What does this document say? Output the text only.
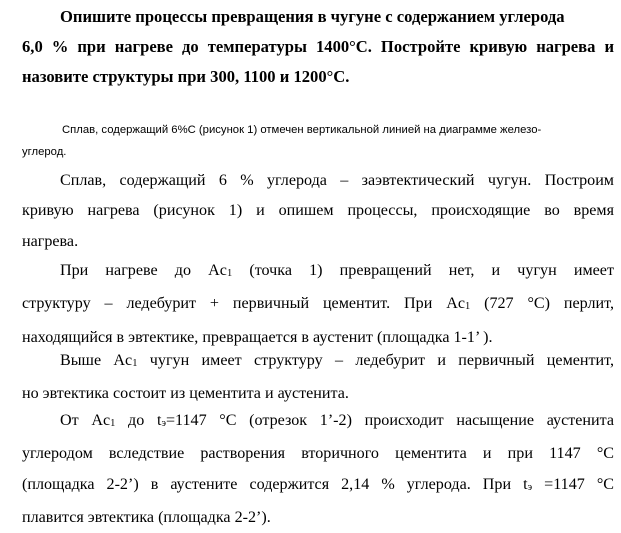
Опишите процессы превращения в чугуне с содержанием углерода
6,0 % при нагреве до температуры 1400°С. Постройте кривую нагрева и
назовите структуры при 300, 1100 и 1200°С.
Сплав, содержащий 6%С (рисунок 1) отмечен вертикальной линией на диаграмме железо-
углерод.
Сплав, содержащий 6 % углерода – заэвтектический чугун. Построим
кривую нагрева (рисунок 1) и опишем процессы, происходящие во время
нагрева.
При нагреве до Ac1 (точка 1) превращений нет, и чугун имеет
структуру – ледебурит + первичный цементит. При Ac1 (727 °С) перлит,
находящийся в эвтектике, превращается в аустенит (площадка 1-1’ ).
Выше Ac1 чугун имеет структуру – ледебурит и первичный цементит,
но эвтектика состоит из цементита и аустенита.
От Ac1 до tэ=1147 °С (отрезок 1’-2) происходит насыщение аустенита
углеродом вследствие растворения вторичного цементита и при 1147 °С
(площадка 2-2’) в аустените содержится 2,14 % углерода. При tэ =1147 °С
плавится эвтектика (площадка 2-2’).
